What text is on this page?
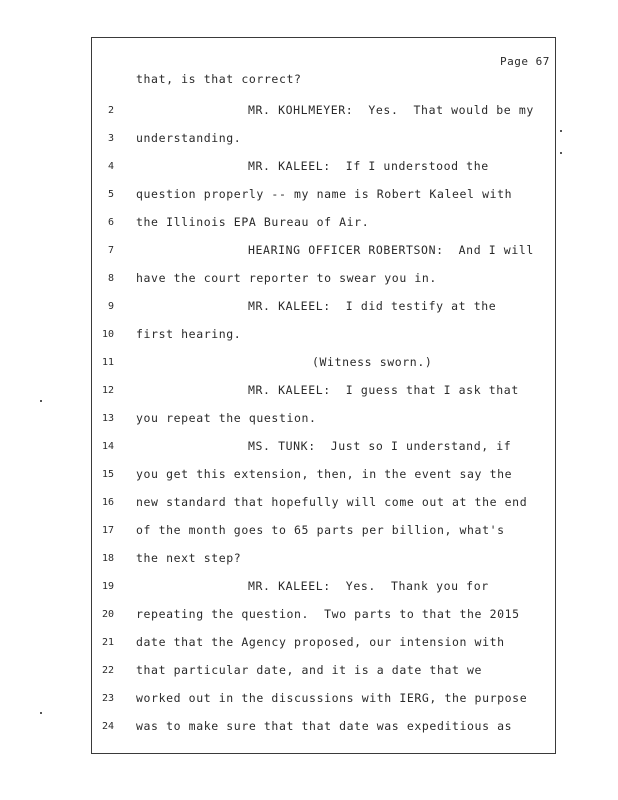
Page 67
that, is that correct?
2	MR. KOHLMEYER:  Yes.  That would be my
3 understanding.
4	MR. KALEEL:  If I understood the
5 question properly -- my name is Robert Kaleel with
6 the Illinois EPA Bureau of Air.
7	HEARING OFFICER ROBERTSON:  And I will
8 have the court reporter to swear you in.
9	MR. KALEEL:  I did testify at the
10 first hearing.
11	(Witness sworn.)
12	MR. KALEEL:  I guess that I ask that
13 you repeat the question.
14	MS. TUNK:  Just so I understand, if
15 you get this extension, then, in the event say the
16 new standard that hopefully will come out at the end
17 of the month goes to 65 parts per billion, what's
18 the next step?
19	MR. KALEEL:  Yes.  Thank you for
20 repeating the question.  Two parts to that the 2015
21 date that the Agency proposed, our intension with
22 that particular date, and it is a date that we
23 worked out in the discussions with IERG, the purpose
24 was to make sure that that date was expeditious as
